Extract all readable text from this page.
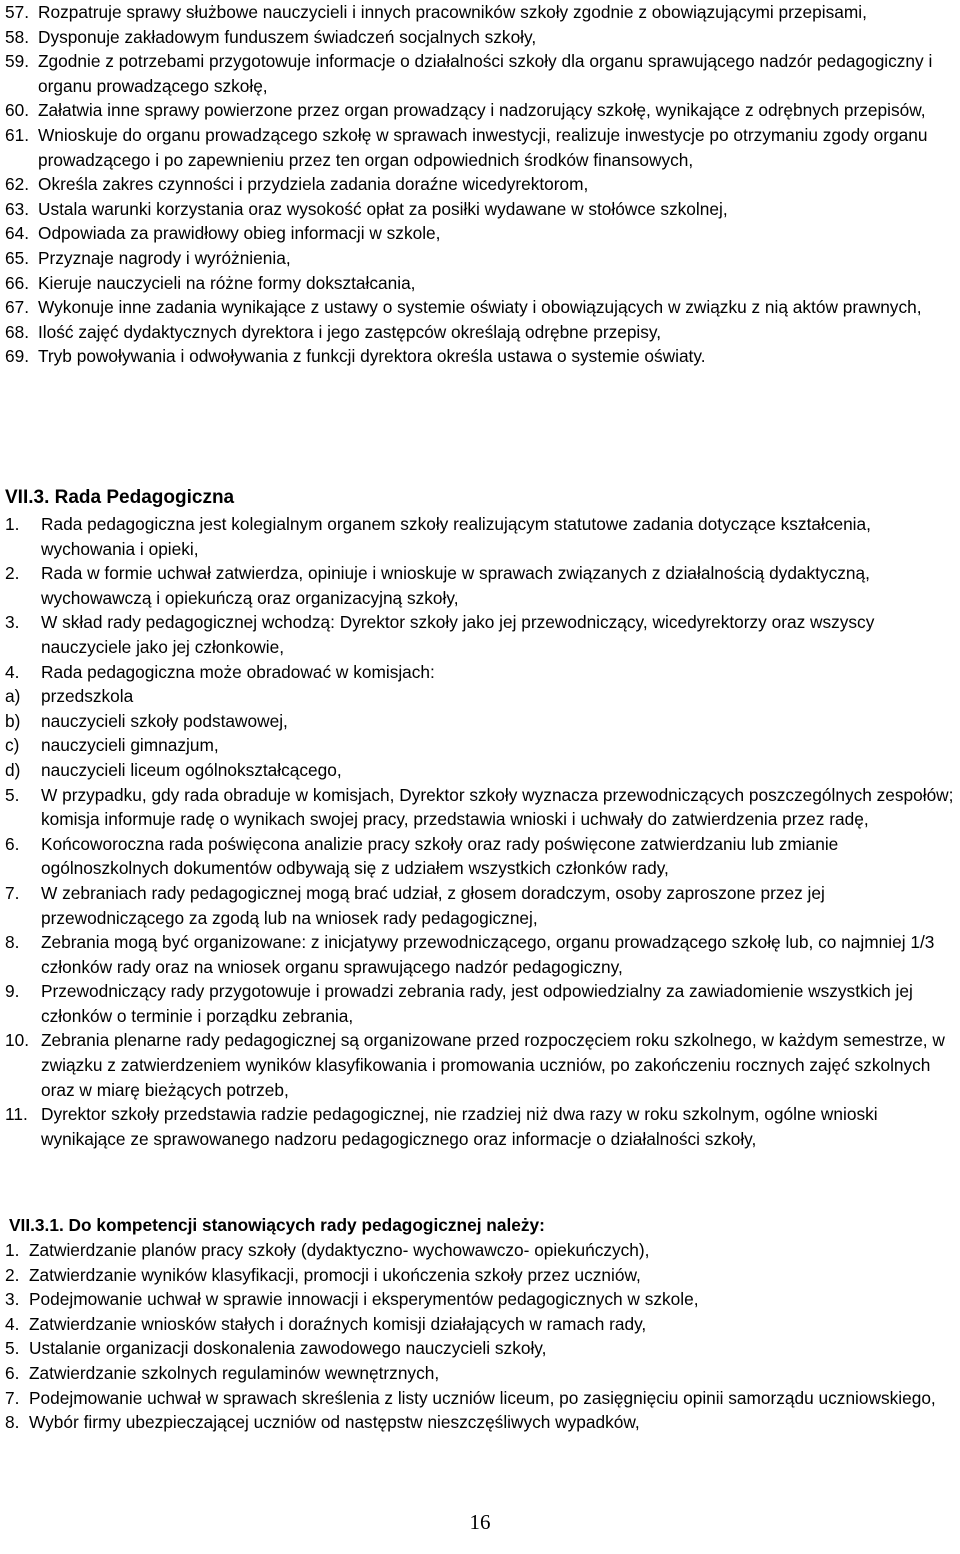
57. Rozpatruje sprawy służbowe nauczycieli i innych pracowników szkoły zgodnie z obowiązującymi przepisami,
58. Dysponuje zakładowym funduszem świadczeń socjalnych szkoły,
59. Zgodnie z potrzebami przygotowuje informacje o działalności szkoły dla organu sprawującego nadzór pedagogiczny i organu prowadzącego szkołę,
60. Załatwia inne sprawy powierzone przez organ prowadzący i nadzorujący szkołę, wynikające z odrębnych przepisów,
61. Wnioskuje do organu prowadzącego szkołę w sprawach inwestycji, realizuje inwestycje po otrzymaniu zgody organu prowadzącego i po zapewnieniu przez ten organ odpowiednich środków finansowych,
62. Określa zakres czynności i przydziela zadania doraźne wicedyrektorom,
63. Ustala warunki korzystania oraz wysokość opłat za posiłki wydawane w stołówce szkolnej,
64. Odpowiada za prawidłowy obieg informacji w szkole,
65. Przyznaje nagrody i wyróżnienia,
66. Kieruje nauczycieli na różne formy dokształcania,
67. Wykonuje inne zadania wynikające z ustawy o systemie oświaty i obowiązujących w związku z nią aktów prawnych,
68. Ilość zajęć dydaktycznych dyrektora i jego zastępców określają odrębne przepisy,
69. Tryb powoływania i odwoływania z funkcji dyrektora określa ustawa o systemie oświaty.
VII.3. Rada Pedagogiczna
1. Rada pedagogiczna jest kolegialnym organem szkoły realizującym statutowe zadania dotyczące kształcenia, wychowania i opieki,
2. Rada w formie uchwał zatwierdza, opiniuje i wnioskuje w sprawach związanych z działalnością dydaktyczną, wychowawczą i opiekuńczą oraz organizacyjną szkoły,
3. W skład rady pedagogicznej wchodzą: Dyrektor szkoły jako jej przewodniczący, wicedyrektorzy oraz wszyscy nauczyciele jako jej członkowie,
4. Rada pedagogiczna może obradować w komisjach:
a) przedszkola
b) nauczycieli szkoły podstawowej,
c) nauczycieli gimnazjum,
d) nauczycieli liceum ogólnokształcącego,
5. W przypadku, gdy rada obraduje w komisjach, Dyrektor szkoły wyznacza przewodniczących poszczególnych zespołów; komisja informuje radę o wynikach swojej pracy, przedstawia wnioski i uchwały do zatwierdzenia przez radę,
6. Końcoworoczna rada poświęcona analizie pracy szkoły oraz rady poświęcone zatwierdzaniu lub zmianie ogólnoszkolnych dokumentów odbywają się z udziałem wszystkich członków rady,
7. W zebraniach rady pedagogicznej mogą brać udział, z głosem doradczym, osoby zaproszone przez jej przewodniczącego za zgodą lub na wniosek rady pedagogicznej,
8. Zebrania mogą być organizowane: z inicjatywy przewodniczącego, organu prowadzącego szkołę lub, co najmniej 1/3 członków rady oraz na wniosek organu sprawującego nadzór pedagogiczny,
9. Przewodniczący rady przygotowuje i prowadzi zebrania rady, jest odpowiedzialny za zawiadomienie wszystkich jej członków o terminie i porządku zebrania,
10. Zebrania plenarne rady pedagogicznej są organizowane przed rozpoczęciem roku szkolnego, w każdym semestrze, w związku z zatwierdzeniem wyników klasyfikowania i promowania uczniów, po zakończeniu rocznych zajęć szkolnych oraz w miarę bieżących potrzeb,
11. Dyrektor szkoły przedstawia radzie pedagogicznej, nie rzadziej niż dwa razy w roku szkolnym, ogólne wnioski wynikające ze sprawowanego nadzoru pedagogicznego oraz informacje o działalności szkoły,
VII.3.1. Do kompetencji stanowiących rady pedagogicznej należy:
1. Zatwierdzanie planów pracy szkoły (dydaktyczno- wychowawczo- opiekuńczych),
2. Zatwierdzanie wyników klasyfikacji, promocji i ukończenia szkoły przez uczniów,
3. Podejmowanie uchwał w sprawie innowacji i eksperymentów pedagogicznych w szkole,
4. Zatwierdzanie wniosków stałych i doraźnych komisji działających w ramach rady,
5. Ustalanie organizacji doskonalenia zawodowego nauczycieli szkoły,
6. Zatwierdzanie szkolnych regulaminów wewnętrznych,
7. Podejmowanie uchwał w sprawach skreślenia z listy uczniów liceum, po zasięgnięciu opinii samorządu uczniowskiego,
8. Wybór firmy ubezpieczającej uczniów od następstw nieszczęśliwych wypadków,
16
